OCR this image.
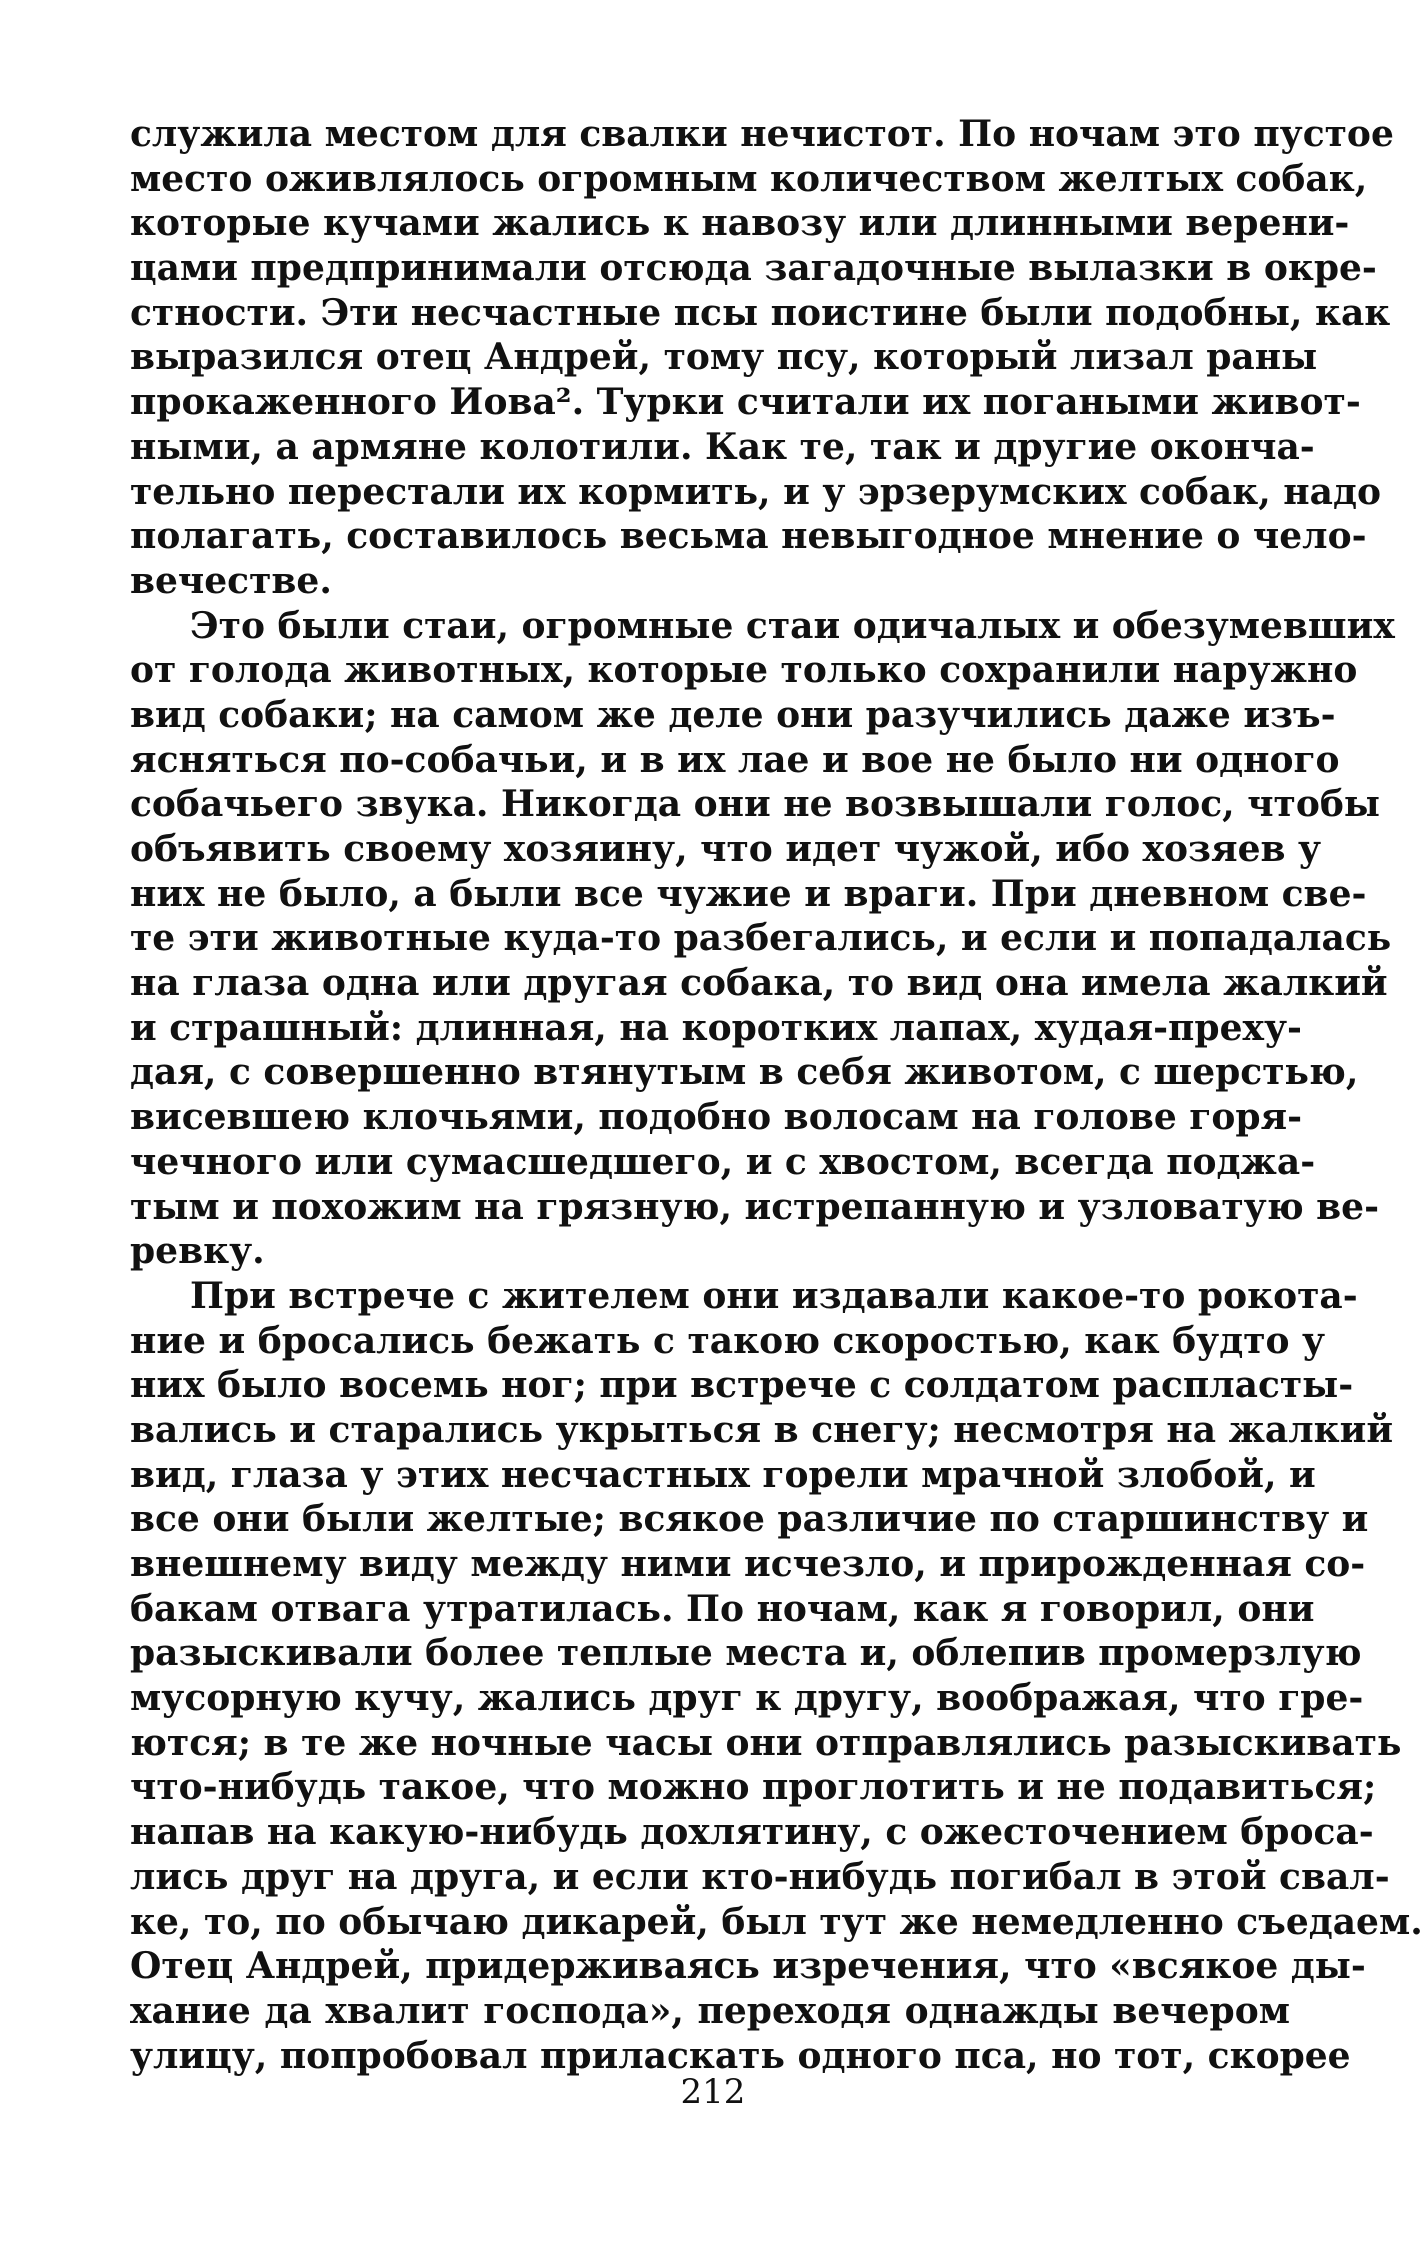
служила местом для свалки нечистот. По ночам это пустое
место оживлялось огромным количеством желтых собак,
которые кучами жались к навозу или длинными верени-
цами предпринимали отсюда загадочные вылазки в окре-
стности. Эти несчастные псы поистине были подобны, как
выразился отец Андрей, тому псу, который лизал раны
прокаженного Иова². Турки считали их погаными живот-
ными, а армяне колотили. Как те, так и другие оконча-
тельно перестали их кормить, и у эрзерумских собак, надо
полагать, составилось весьма невыгодное мнение о чело-
вечестве.
Это были стаи, огромные стаи одичалых и обезумевших
от голода животных, которые только сохранили наружно
вид собаки; на самом же деле они разучились даже изъ-
ясняться по-собачьи, и в их лае и вое не было ни одного
собачьего звука. Никогда они не возвышали голос, чтобы
объявить своему хозяину, что идет чужой, ибо хозяев у
них не было, а были все чужие и враги. При дневном све-
те эти животные куда-то разбегались, и если и попадалась
на глаза одна или другая собака, то вид она имела жалкий
и страшный: длинная, на коротких лапах, худая-преху-
дая, с совершенно втянутым в себя животом, с шерстью,
висевшею клочьями, подобно волосам на голове горя-
чечного или сумасшедшего, и с хвостом, всегда поджа-
тым и похожим на грязную, истрепанную и узловатую ве-
ревку.
При встрече с жителем они издавали какое-то рокота-
ние и бросались бежать с такою скоростью, как будто у
них было восемь ног; при встрече с солдатом распласты-
вались и старались укрыться в снегу; несмотря на жалкий
вид, глаза у этих несчастных горели мрачной злобой, и
все они были желтые; всякое различие по старшинству и
внешнему виду между ними исчезло, и прирожденная со-
бакам отвага утратилась. По ночам, как я говорил, они
разыскивали более теплые места и, облепив промерзлую
мусорную кучу, жались друг к другу, воображая, что гре-
ются; в те же ночные часы они отправлялись разыскивать
что-нибудь такое, что можно проглотить и не подавиться;
напав на какую-нибудь дохлятину, с ожесточением броса-
лись друг на друга, и если кто-нибудь погибал в этой свал-
ке, то, по обычаю дикарей, был тут же немедленно съедаем.
Отец Андрей, придерживаясь изречения, что «всякое ды-
хание да хвалит господа», переходя однажды вечером
улицу, попробовал приласкать одного пса, но тот, скорее
212
